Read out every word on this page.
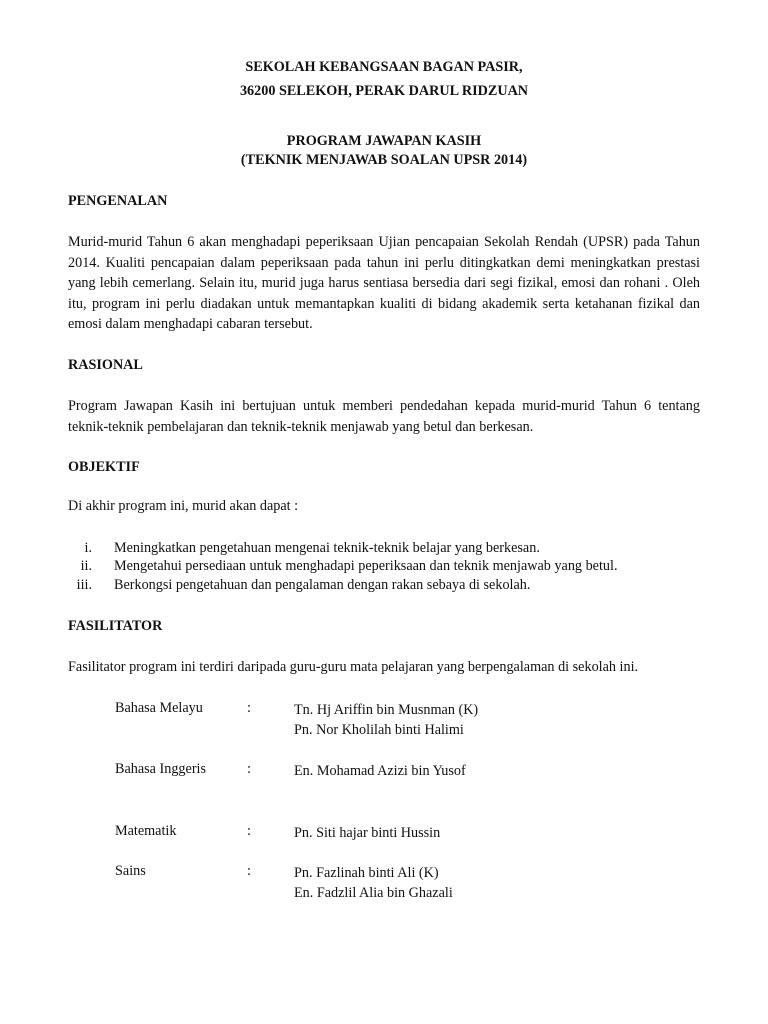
SEKOLAH KEBANGSAAN BAGAN PASIR,
36200 SELEKOH, PERAK DARUL RIDZUAN
PROGRAM JAWAPAN KASIH
(TEKNIK MENJAWAB SOALAN UPSR 2014)
PENGENALAN
Murid-murid Tahun 6 akan menghadapi peperiksaan Ujian pencapaian Sekolah Rendah (UPSR) pada Tahun 2014. Kualiti pencapaian dalam peperiksaan pada tahun ini perlu ditingkatkan demi meningkatkan prestasi yang lebih cemerlang. Selain itu, murid juga harus sentiasa bersedia dari segi fizikal, emosi dan rohani . Oleh itu, program ini perlu diadakan untuk memantapkan kualiti di bidang akademik serta ketahanan fizikal dan emosi dalam menghadapi cabaran tersebut.
RASIONAL
Program Jawapan Kasih ini bertujuan untuk memberi pendedahan kepada murid-murid Tahun 6 tentang teknik-teknik pembelajaran dan teknik-teknik menjawab yang betul dan berkesan.
OBJEKTIF
Di akhir program ini, murid akan dapat :
i. Meningkatkan pengetahuan mengenai teknik-teknik belajar yang berkesan.
ii. Mengetahui persediaan untuk menghadapi peperiksaan dan teknik menjawab yang betul.
iii. Berkongsi pengetahuan dan pengalaman dengan rakan sebaya di sekolah.
FASILITATOR
Fasilitator program ini terdiri daripada guru-guru mata pelajaran yang berpengalaman di sekolah ini.
Bahasa Melayu	:	Tn. Hj Ariffin bin Musnman (K)
Pn. Nor Kholilah binti Halimi
Bahasa Inggeris	:	En. Mohamad Azizi bin Yusof
Matematik	:	Pn. Siti hajar binti Hussin
Sains	:	Pn. Fazlinah binti Ali (K)
En. Fadzlil Alia bin Ghazali
